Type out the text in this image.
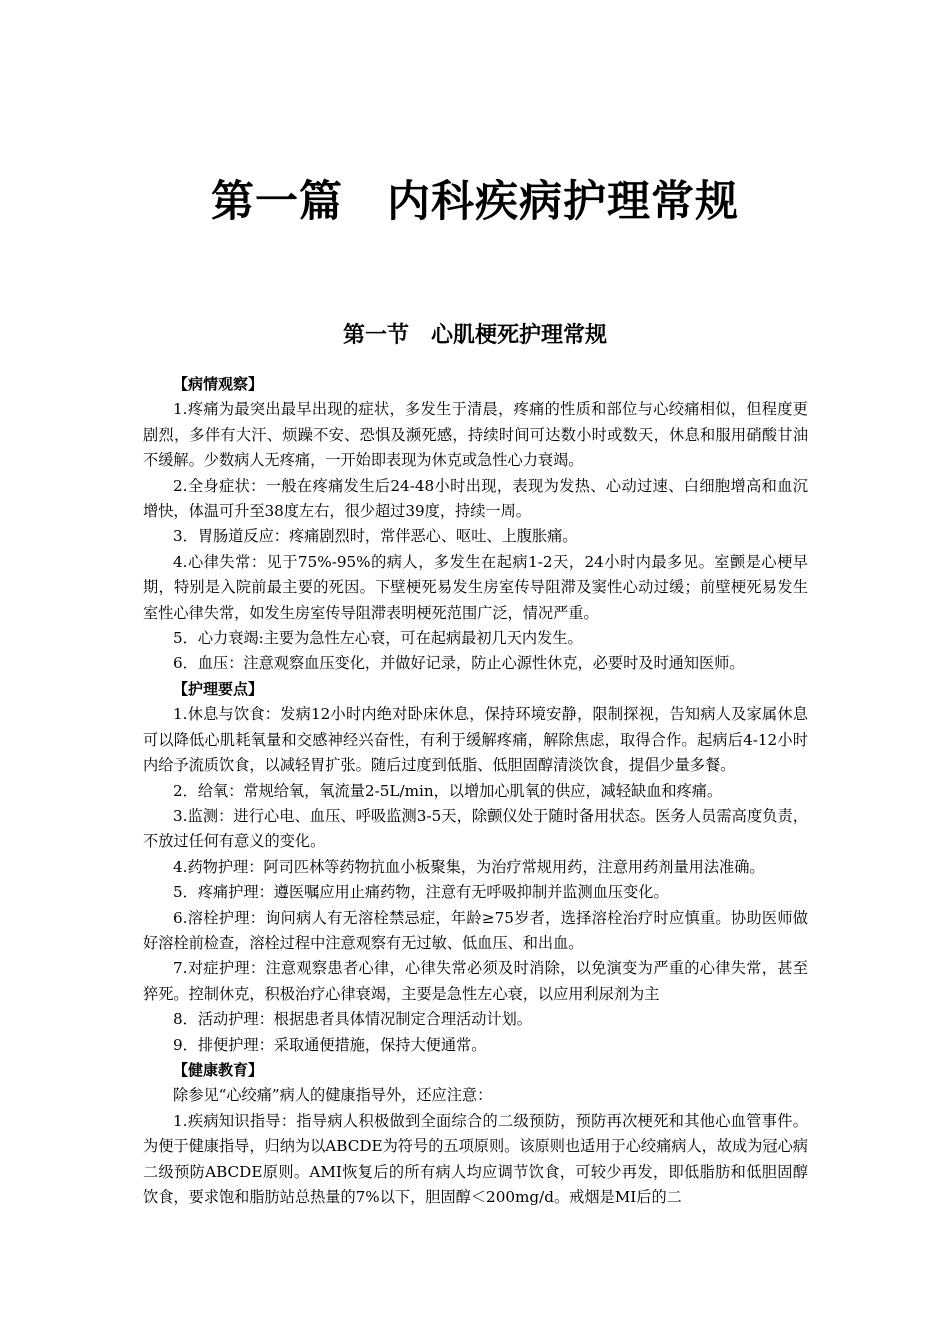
第一篇　内科疾病护理常规
第一节　心肌梗死护理常规
【病情观察】

1.疼痛为最突出最早出现的症状，多发生于清晨，疼痛的性质和部位与心绞痛相似，但程度更剧烈，多伴有大汗、烦躁不安、恐惧及濒死感，持续时间可达数小时或数天，休息和服用硝酸甘油不缓解。少数病人无疼痛，一开始即表现为休克或急性心力衰竭。

2.全身症状：一般在疼痛发生后24-48小时出现，表现为发热、心动过速、白细胞增高和血沉增快，体温可升至38度左右，很少超过39度，持续一周。

3．胃肠道反应：疼痛剧烈时，常伴恶心、呕吐、上腹胀痛。

4.心律失常：见于75%-95%的病人，多发生在起病1-2天，24小时内最多见。室颤是心梗早期，特别是入院前最主要的死因。下壁梗死易发生房室传导阻滞及窦性心动过缓；前壁梗死易发生室性心律失常，如发生房室传导阻滞表明梗死范围广泛，情况严重。

5．心力衰竭:主要为急性左心衰，可在起病最初几天内发生。

6．血压：注意观察血压变化，并做好记录，防止心源性休克，必要时及时通知医师。

【护理要点】

1.休息与饮食：发病12小时内绝对卧床休息，保持环境安静，限制探视，告知病人及家属休息可以降低心肌耗氧量和交感神经兴奋性，有利于缓解疼痛，解除焦虑，取得合作。起病后4-12小时内给予流质饮食，以减轻胃扩张。随后过度到低脂、低胆固醇清淡饮食，提倡少量多餐。

2．给氧：常规给氧，氧流量2-5L/min，以增加心肌氧的供应，减轻缺血和疼痛。

3.监测：进行心电、血压、呼吸监测3-5天，除颤仪处于随时备用状态。医务人员需高度负责，不放过任何有意义的变化。

4.药物护理：阿司匹林等药物抗血小板聚集，为治疗常规用药，注意用药剂量用法准确。

5．疼痛护理：遵医嘱应用止痛药物，注意有无呼吸抑制并监测血压变化。

6.溶栓护理：询问病人有无溶栓禁忌症，年龄≥75岁者，选择溶栓治疗时应慎重。协助医师做好溶栓前检查，溶栓过程中注意观察有无过敏、低血压、和出血。

7.对症护理：注意观察患者心律，心律失常必须及时消除，以免演变为严重的心律失常，甚至猝死。控制休克，积极治疗心律衰竭，主要是急性左心衰，以应用利尿剂为主

8．活动护理：根据患者具体情况制定合理活动计划。

9．排便护理：采取通便措施，保持大便通常。

【健康教育】

除参见“心绞痛”病人的健康指导外，还应注意：

1.疾病知识指导：指导病人积极做到全面综合的二级预防，预防再次梗死和其他心血管事件。为便于健康指导，归纳为以ABCDE为符号的五项原则。该原则也适用于心绞痛病人，故成为冠心病二级预防ABCDE原则。AMI恢复后的所有病人均应调节饮食，可较少再发，即低脂肪和低胆固醇饮食，要求饱和脂肪站总热量的7%以下，胆固醇＜200mg/d。戒烟是MI后的二
